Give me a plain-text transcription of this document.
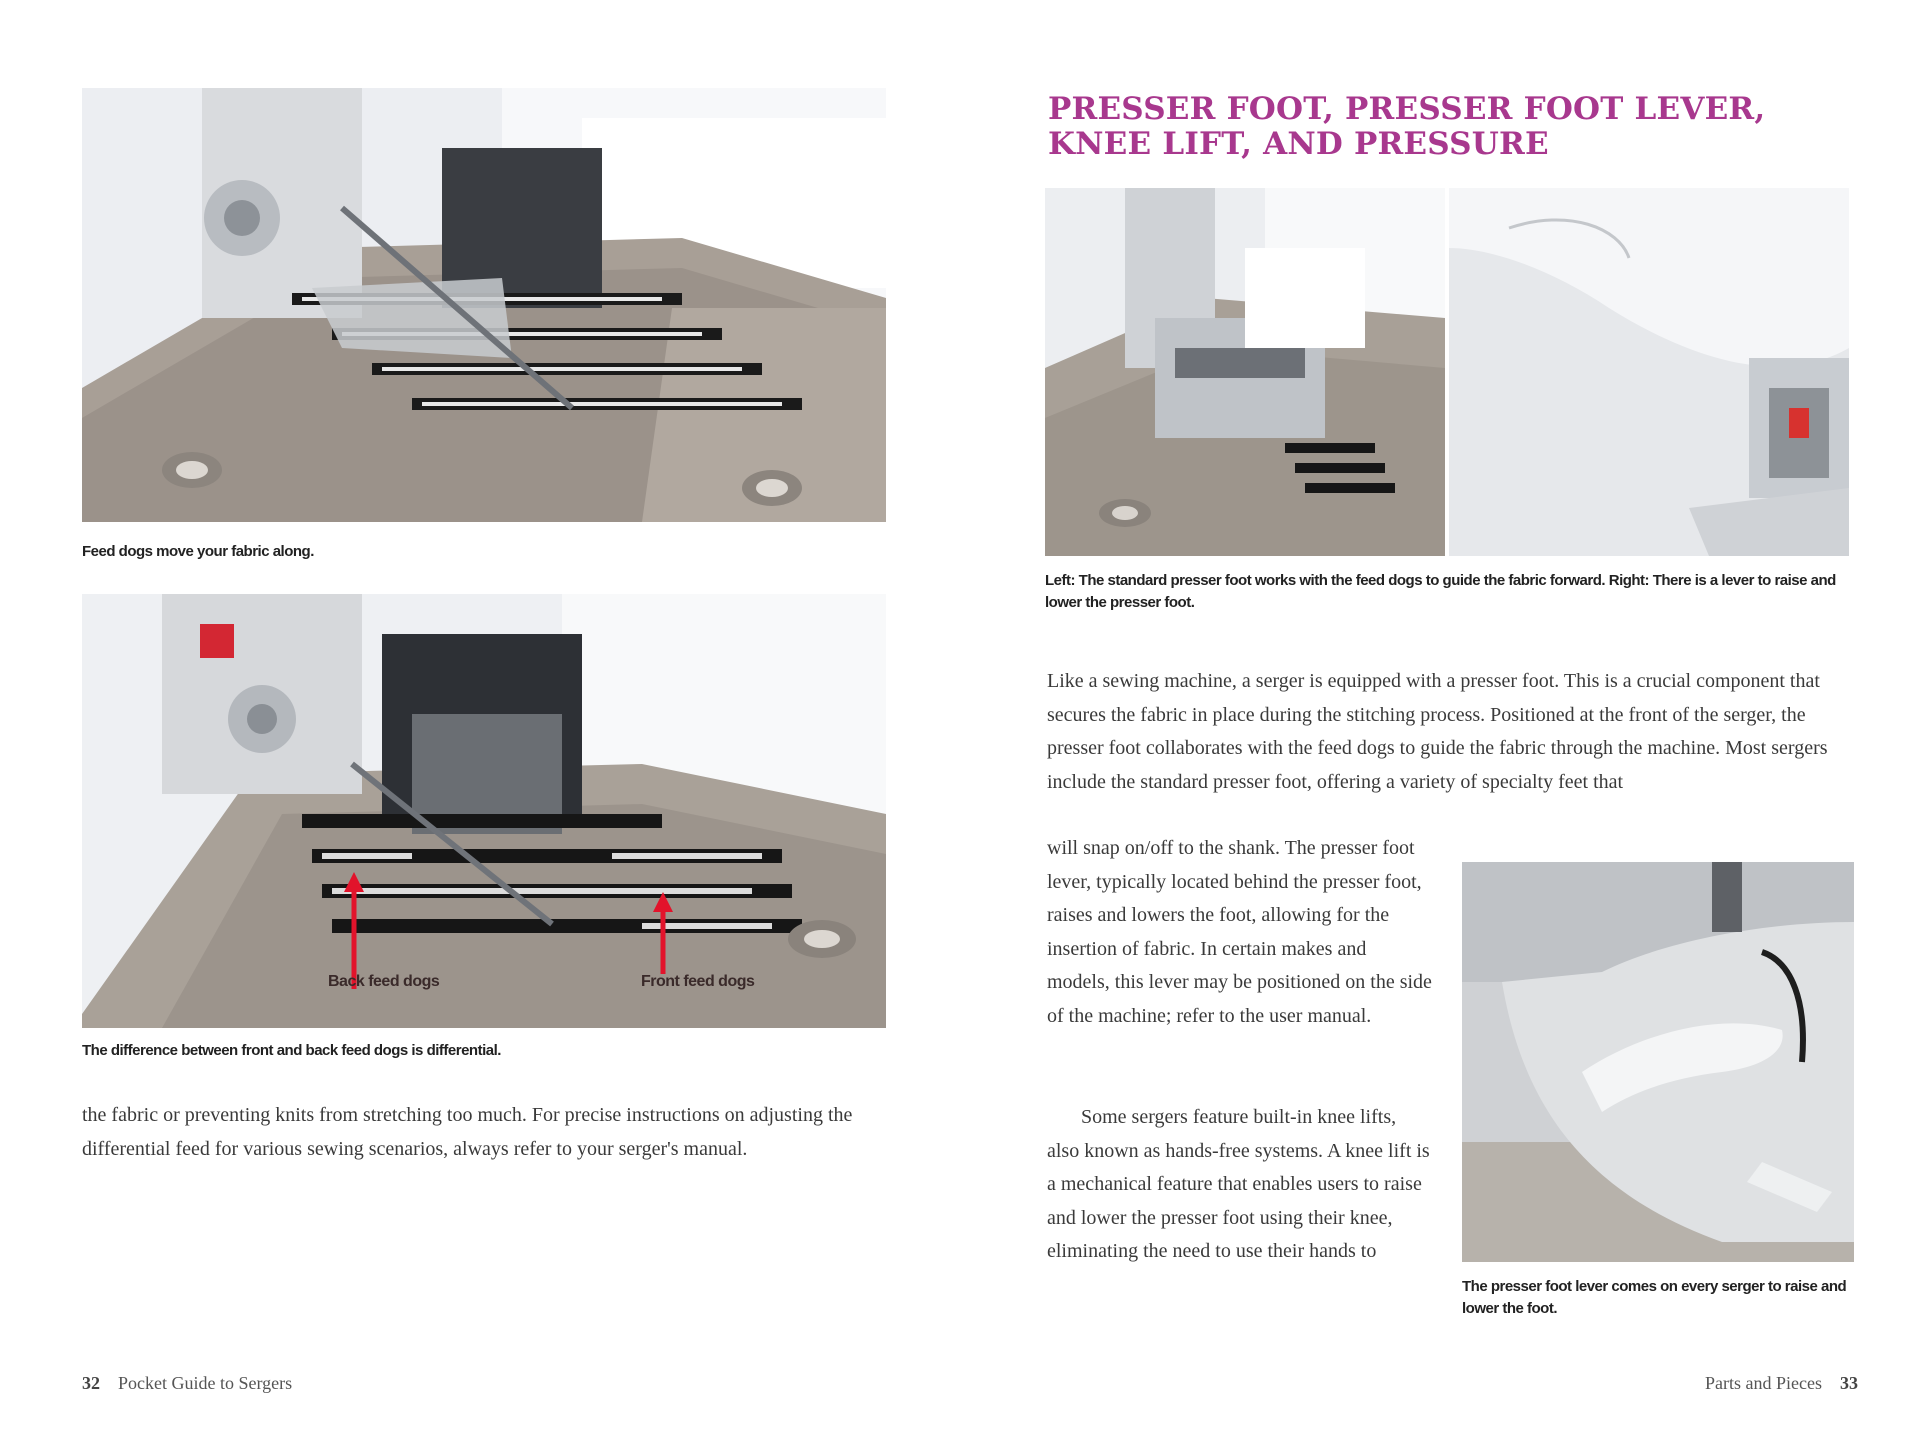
Feed dogs move your fabric along.
Back feed dogs	Front feed dogs
The difference between front and back feed dogs is differential.

the fabric or preventing knits from stretching too much. For precise instructions on adjusting the differential feed for various sewing scenarios, always refer to your serger's manual.

32 Pocket Guide to Sergers
PRESSER FOOT, PRESSER FOOT LEVER, KNEE LIFT, AND PRESSURE
Left: The standard presser foot works with the feed dogs to guide the fabric forward. Right: There is a lever to raise and lower the presser foot.

Like a sewing machine, a serger is equipped with a presser foot. This is a crucial component that secures the fabric in place during the stitching process. Positioned at the front of the serger, the presser foot collaborates with the feed dogs to guide the fabric through the machine. Most sergers include the standard presser foot, offering a variety of specialty feet that

will snap on/off to the shank. The presser foot lever, typically located behind the presser foot, raises and lowers the foot, allowing for the insertion of fabric. In certain makes and models, this lever may be positioned on the side of the machine; refer to the user manual.

Some sergers feature built-in knee lifts, also known as hands-free systems. A knee lift is a mechanical feature that enables users to raise and lower the presser foot using their knee, eliminating the need to use their hands to

The presser foot lever comes on every serger to raise and lower the foot.
Parts and Pieces 33
